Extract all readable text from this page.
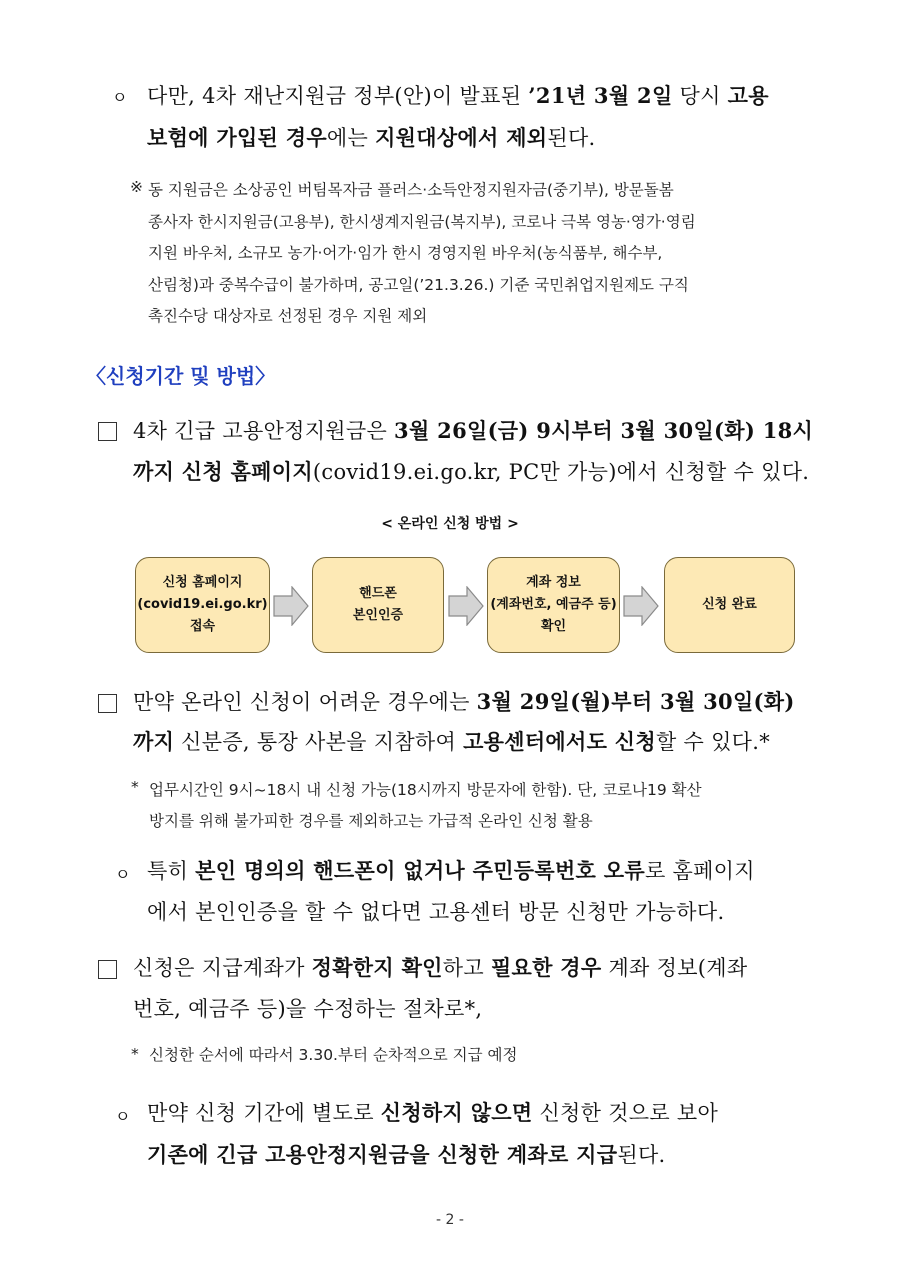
ㅇ 다만, 4차 재난지원금 정부(안)이 발표된 ’21년 3월 2일 당시 고용
보험에 가입된 경우에는 지원대상에서 제외된다.
※ 동 지원금은 소상공인 버팀목자금 플러스·소득안정지원자금(중기부), 방문돌봄
종사자 한시지원금(고용부), 한시생계지원금(복지부), 코로나 극복 영농·영가·영림
지원 바우처, 소규모 농가·어가·임가 한시 경영지원 바우처(농식품부, 해수부,
산림청)과 중복수급이 불가하며, 공고일(’21.3.26.) 기준 국민취업지원제도 구직
촉진수당 대상자로 선정된 경우 지원 제외
〈신청기간 및 방법〉
4차 긴급 고용안정지원금은 3월 26일(금) 9시부터 3월 30일(화) 18시
까지 신청 홈페이지(covid19.ei.go.kr, PC만 가능)에서 신청할 수 있다.
< 온라인 신청 방법 >
신청 홈페이지
(covid19.ei.go.kr)
접속
핸드폰
본인인증
계좌 정보
(계좌번호, 예금주 등)
확인
신청 완료
만약 온라인 신청이 어려운 경우에는 3월 29일(월)부터 3월 30일(화)
까지 신분증, 통장 사본을 지참하여 고용센터에서도 신청할 수 있다.*
* 업무시간인 9시~18시 내 신청 가능(18시까지 방문자에 한함). 단, 코로나19 확산
방지를 위해 불가피한 경우를 제외하고는 가급적 온라인 신청 활용
ㅇ 특히 본인 명의의 핸드폰이 없거나 주민등록번호 오류로 홈페이지
에서 본인인증을 할 수 없다면 고용센터 방문 신청만 가능하다.
신청은 지급계좌가 정확한지 확인하고 필요한 경우 계좌 정보(계좌
번호, 예금주 등)을 수정하는 절차로*,
* 신청한 순서에 따라서 3.30.부터 순차적으로 지급 예정
ㅇ 만약 신청 기간에 별도로 신청하지 않으면 신청한 것으로 보아
기존에 긴급 고용안정지원금을 신청한 계좌로 지급된다.
- 2 -
